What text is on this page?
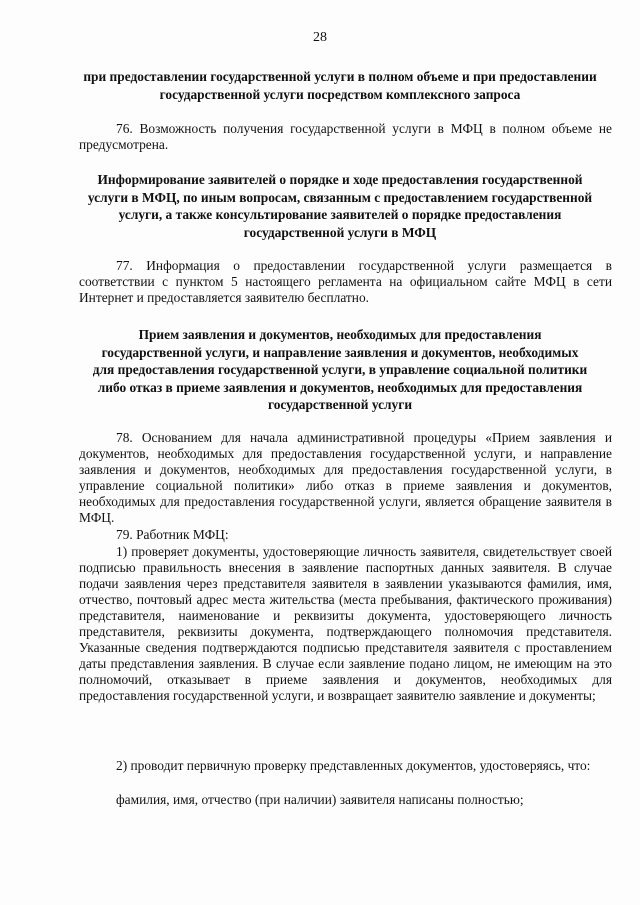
28

при предоставлении государственной услуги в полном объеме и при предоставлении государственной услуги посредством комплексного запроса

76. Возможность получения государственной услуги в МФЦ в полном объеме не предусмотрена.

Информирование заявителей о порядке и ходе предоставления государственной услуги в МФЦ, по иным вопросам, связанным с предоставлением государственной услуги, а также консультирование заявителей о порядке предоставления государственной услуги в МФЦ

77. Информация о предоставлении государственной услуги размещается в соответствии с пунктом 5 настоящего регламента на официальном сайте МФЦ в сети Интернет и предоставляется заявителю бесплатно.

Прием заявления и документов, необходимых для предоставления государственной услуги, и направление заявления и документов, необходимых для предоставления государственной услуги, в управление социальной политики либо отказ в приеме заявления и документов, необходимых для предоставления государственной услуги

78. Основанием для начала административной процедуры «Прием заявления и документов, необходимых для предоставления государственной услуги, и направление заявления и документов, необходимых для предоставления государственной услуги, в управление социальной политики» либо отказ в приеме заявления и документов, необходимых для предоставления государственной услуги, является обращение заявителя в МФЦ.

79. Работник МФЦ:

1) проверяет документы, удостоверяющие личность заявителя, свидетельствует своей подписью правильность внесения в заявление паспортных данных заявителя. В случае подачи заявления через представителя заявителя в заявлении указываются фамилия, имя, отчество, почтовый адрес места жительства (места пребывания, фактического проживания) представителя, наименование и реквизиты документа, удостоверяющего личность представителя, реквизиты документа, подтверждающего полномочия представителя. Указанные сведения подтверждаются подписью представителя заявителя с проставлением даты представления заявления. В случае если заявление подано лицом, не имеющим на это полномочий, отказывает в приеме заявления и документов, необходимых для предоставления государственной услуги, и возвращает заявителю заявление и документы;

2) проводит первичную проверку представленных документов, удостоверяясь, что:

фамилия, имя, отчество (при наличии) заявителя написаны полностью;
